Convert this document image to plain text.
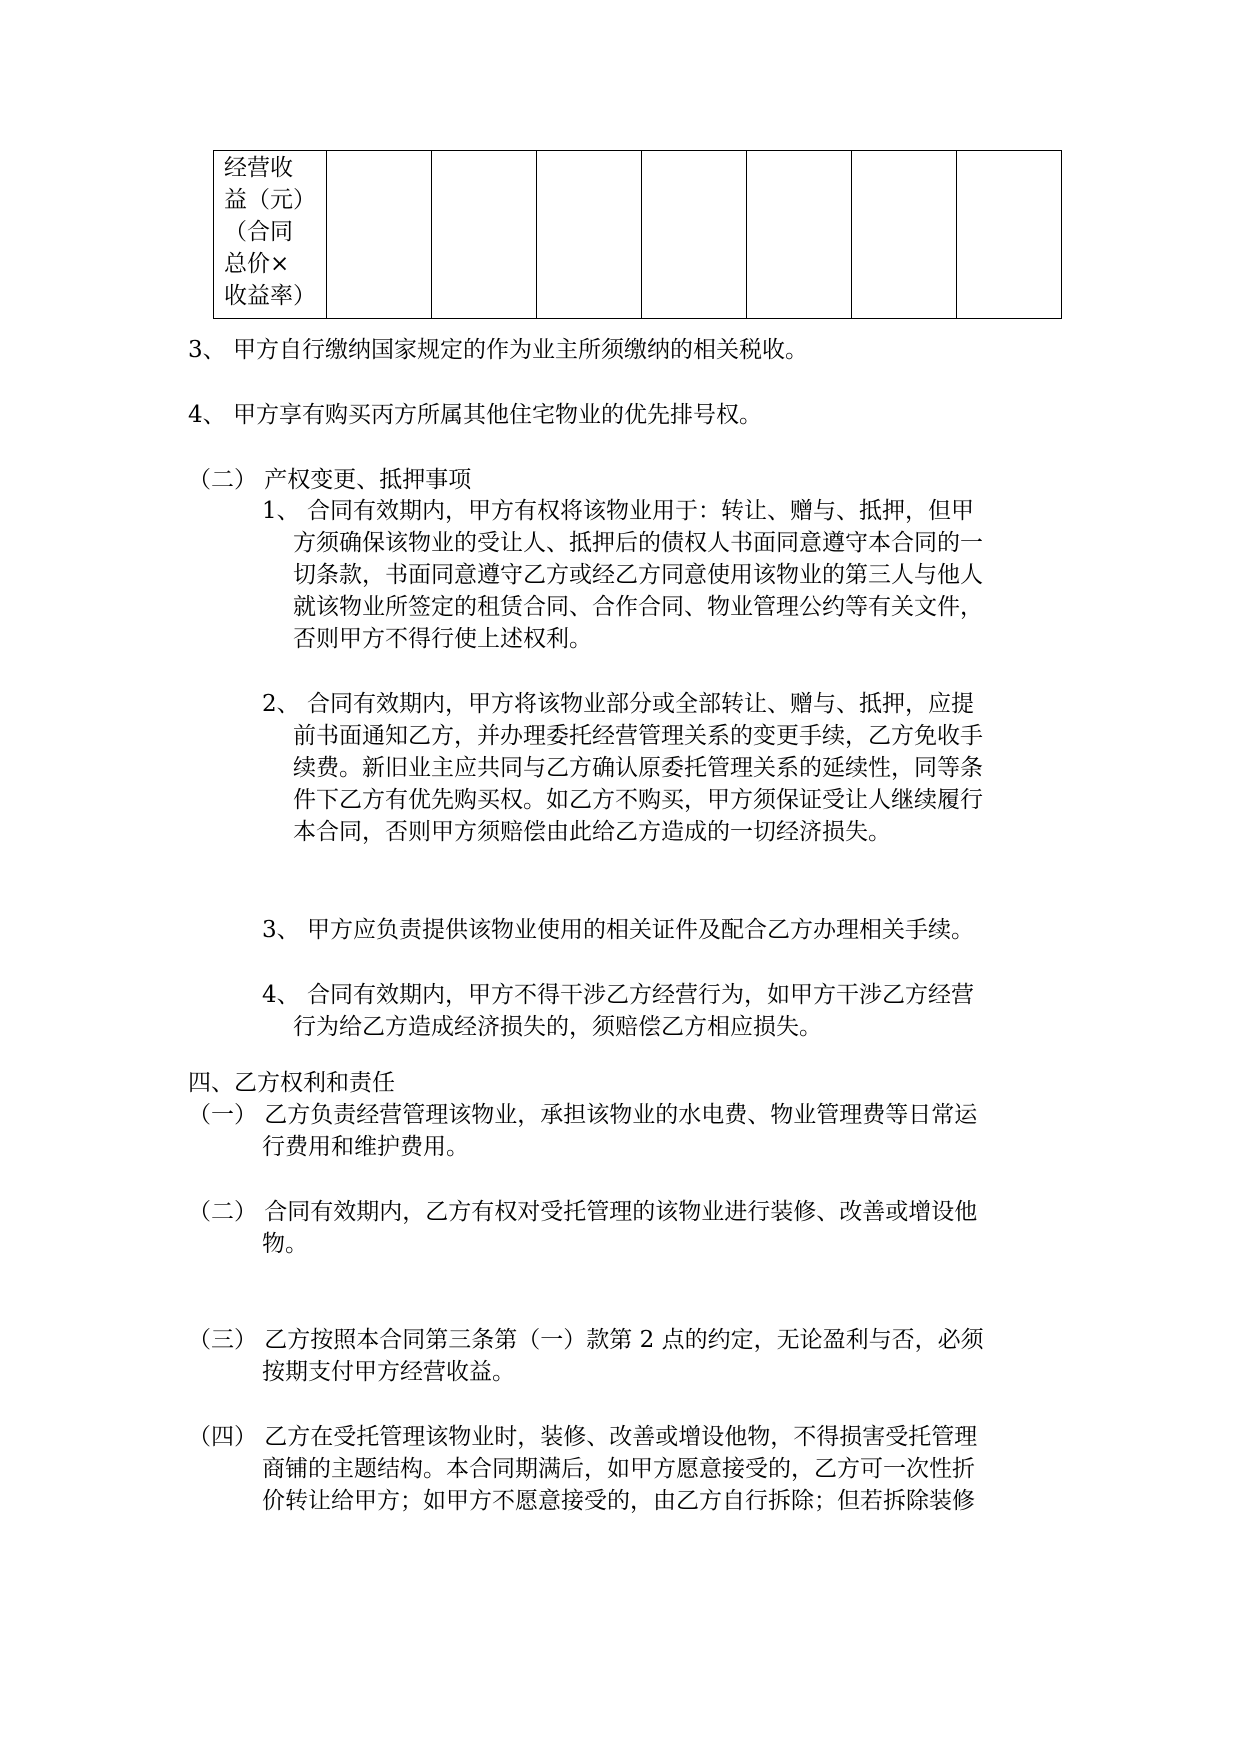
经营收
益（元）
（合同
总价×
收益率）

3、 甲方自行缴纳国家规定的作为业主所须缴纳的相关税收。
4、 甲方享有购买丙方所属其他住宅物业的优先排号权。
（二） 产权变更、抵押事项
1、 合同有效期内，甲方有权将该物业用于：转让、赠与、抵押，但甲
方须确保该物业的受让人、抵押后的债权人书面同意遵守本合同的一
切条款，书面同意遵守乙方或经乙方同意使用该物业的第三人与他人
就该物业所签定的租赁合同、合作合同、物业管理公约等有关文件，
否则甲方不得行使上述权利。
2、 合同有效期内，甲方将该物业部分或全部转让、赠与、抵押，应提
前书面通知乙方，并办理委托经营管理关系的变更手续，乙方免收手
续费。新旧业主应共同与乙方确认原委托管理关系的延续性，同等条
件下乙方有优先购买权。如乙方不购买，甲方须保证受让人继续履行
本合同，否则甲方须赔偿由此给乙方造成的一切经济损失。
3、 甲方应负责提供该物业使用的相关证件及配合乙方办理相关手续。
4、 合同有效期内，甲方不得干涉乙方经营行为，如甲方干涉乙方经营
行为给乙方造成经济损失的，须赔偿乙方相应损失。
四、乙方权利和责任
（一） 乙方负责经营管理该物业，承担该物业的水电费、物业管理费等日常运
行费用和维护费用。
（二） 合同有效期内，乙方有权对受托管理的该物业进行装修、改善或增设他
物。
（三） 乙方按照本合同第三条第（一）款第 2 点的约定，无论盈利与否，必须
按期支付甲方经营收益。
（四） 乙方在受托管理该物业时，装修、改善或增设他物，不得损害受托管理
商铺的主题结构。本合同期满后，如甲方愿意接受的，乙方可一次性折
价转让给甲方；如甲方不愿意接受的，由乙方自行拆除；但若拆除装修
